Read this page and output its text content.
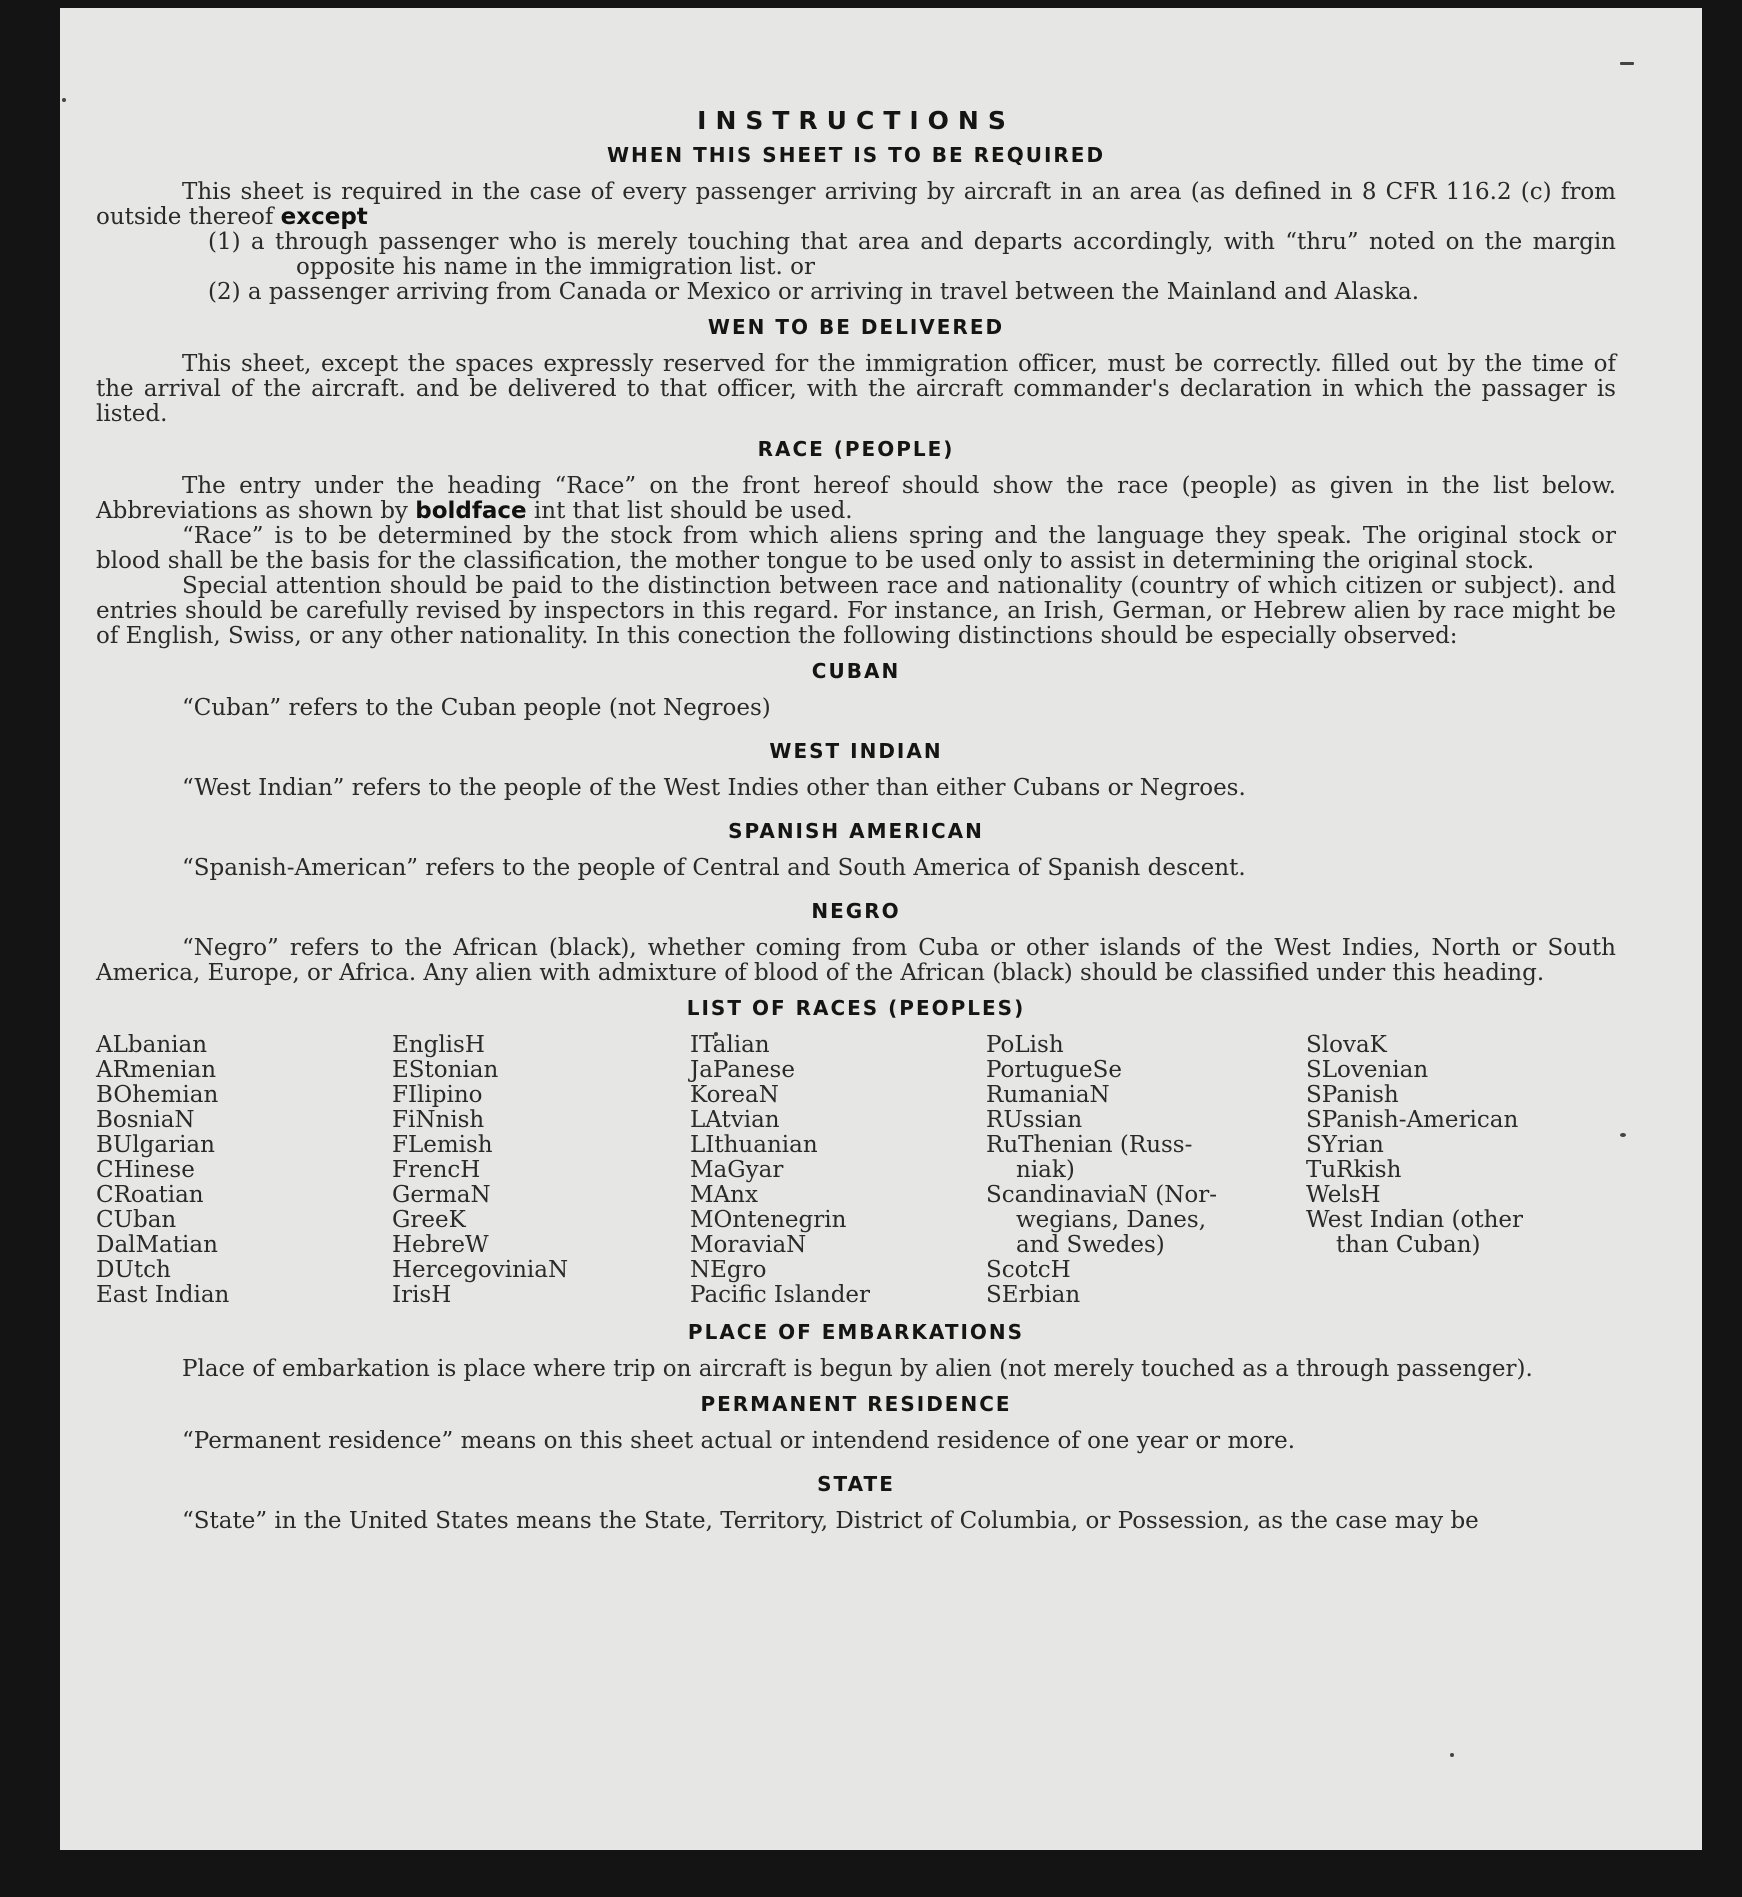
INSTRUCTIONS
WHEN THIS SHEET IS TO BE REQUIRED

This sheet is required in the case of every passenger arriving by aircraft in an area (as defined in 8 CFR 116.2 (c) from outside thereof except

(1) a through passenger who is merely touching that area and departs accordingly, with “thru” noted on the margin opposite his name in the immigration list. or

(2) a passenger arriving from Canada or Mexico or arriving in travel between the Mainland and Alaska.

WEN TO BE DELIVERED

This sheet, except the spaces expressly reserved for the immigration officer, must be correctly. filled out by the time of the arrival of the aircraft. and be delivered to that officer, with the aircraft commander's declaration in which the passager is listed.

RACE (PEOPLE)

The entry under the heading “Race” on the front hereof should show the race (people) as given in the list below. Abbreviations as shown by boldface int that list should be used.

“Race” is to be determined by the stock from which aliens spring and the language they speak. The original stock or blood shall be the basis for the classification, the mother tongue to be used only to assist in determining the original stock.

Special attention should be paid to the distinction between race and nationality (country of which citizen or subject). and entries should be carefully revised by inspectors in this regard. For instance, an Irish, German, or Hebrew alien by race might be of English, Swiss, or any other nationality. In this conection the following distinctions should be especially observed:

CUBAN

“Cuban” refers to the Cuban people (not Negroes)

WEST INDIAN

“West Indian” refers to the people of the West Indies other than either Cubans or Negroes.

SPANISH AMERICAN

“Spanish-American” refers to the people of Central and South America of Spanish descent.

NEGRO

“Negro” refers to the African (black), whether coming from Cuba or other islands of the West Indies, North or South America, Europe, or Africa. Any alien with admixture of blood of the African (black) should be classified under this heading.

LIST OF RACES (PEOPLES)
ALbanian
ARmenian
BOhemian
BosniaN
BUlgarian
CHinese
CRoatian
CUban
DalMatian
DUtch
East Indian
EnglisH
EStonian
FIlipino
FiNnish
FLemish
FrencH
GermaN
GreeK
HebreW
HercegoviniaN
IrisH
ITalian
JaPanese
KoreaN
LAtvian
LIthuanian
MaGyar
MAnx
MOntenegrin
MoraviaN
NEgro
Pacific Islander
PoLish
PortugueSe
RumaniaN
RUssian
RuThenian (Russ-
niak)
ScandinaviaN (Nor-
wegians, Danes,
and Swedes)
ScotcH
SErbian
SlovaK
SLovenian
SPanish
SPanish-American
SYrian
TuRkish
WelsH
West Indian (other
than Cuban)
PLACE OF EMBARKATIONS

Place of embarkation is place where trip on aircraft is begun by alien (not merely touched as a through passenger).

PERMANENT RESIDENCE

“Permanent residence” means on this sheet actual or intendend residence of one year or more.

STATE

“State” in the United States means the State, Territory, District of Columbia, or Possession, as the case may be
